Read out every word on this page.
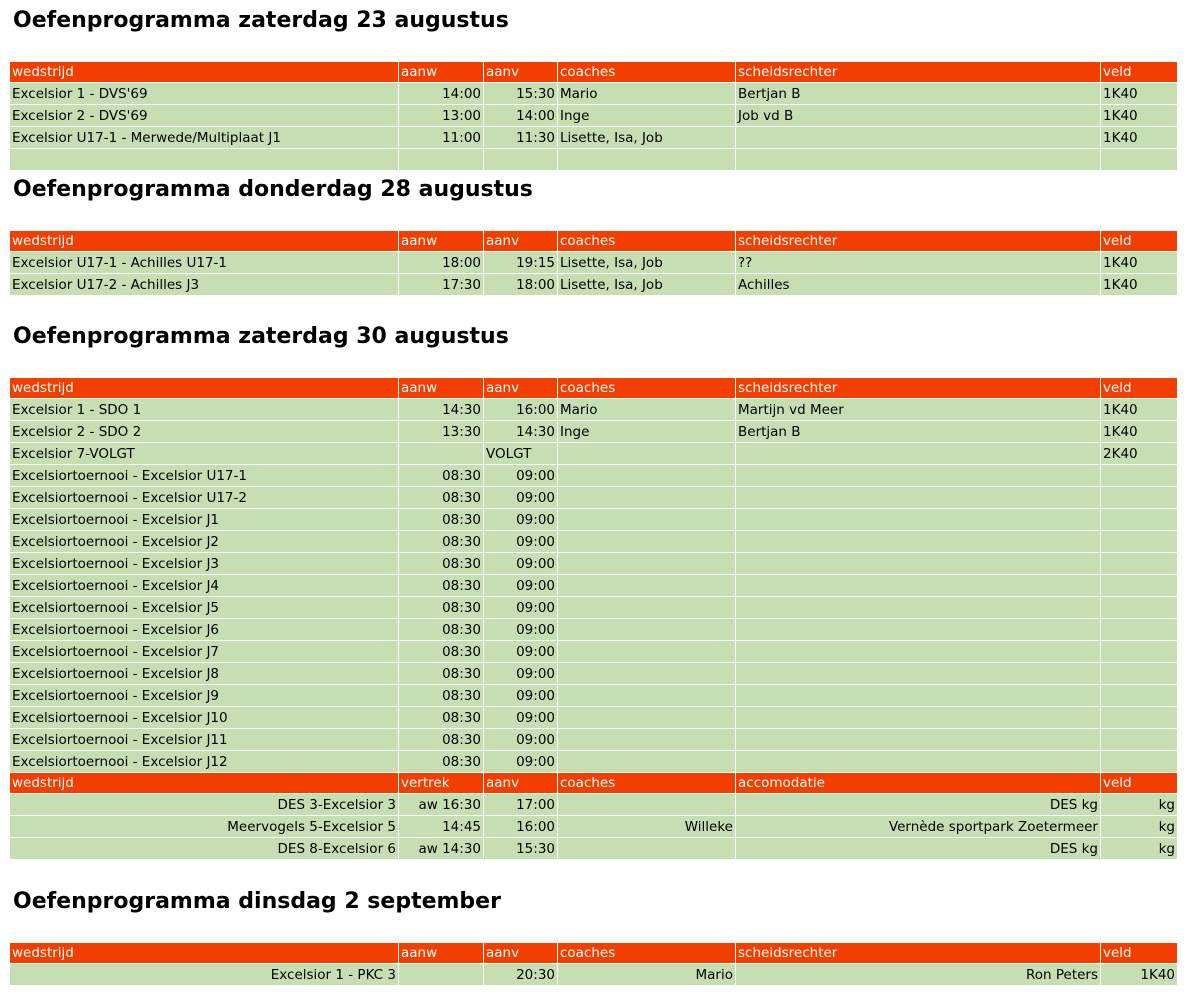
Oefenprogramma zaterdag 23 augustus
wedstrijd	aanw	aanv	coaches	scheidsrechter	veld
Excelsior 1 - DVS'69	14:00	15:30	Mario	Bertjan B	1K40
Excelsior 2 - DVS'69	13:00	14:00	Inge	Job vd B	1K40
Excelsior U17-1 - Merwede/Multiplaat J1	11:00	11:30	Lisette, Isa, Job		1K40

Oefenprogramma donderdag 28 augustus
wedstrijd	aanw	aanv	coaches	scheidsrechter	veld
Excelsior U17-1 - Achilles U17-1	18:00	19:15	Lisette, Isa, Job	??	1K40
Excelsior U17-2 - Achilles J3	17:30	18:00	Lisette, Isa, Job	Achilles	1K40
Oefenprogramma zaterdag 30 augustus
wedstrijd	aanw	aanv	coaches	scheidsrechter	veld
Excelsior 1 - SDO 1	14:30	16:00	Mario	Martijn vd Meer	1K40
Excelsior 2 - SDO 2	13:30	14:30	Inge	Bertjan B	1K40
Excelsior 7-VOLGT		VOLGT			2K40
Excelsiortoernooi - Excelsior U17-1	08:30	09:00			
Excelsiortoernooi - Excelsior U17-2	08:30	09:00			
Excelsiortoernooi - Excelsior J1	08:30	09:00			
Excelsiortoernooi - Excelsior J2	08:30	09:00			
Excelsiortoernooi - Excelsior J3	08:30	09:00			
Excelsiortoernooi - Excelsior J4	08:30	09:00			
Excelsiortoernooi - Excelsior J5	08:30	09:00			
Excelsiortoernooi - Excelsior J6	08:30	09:00			
Excelsiortoernooi - Excelsior J7	08:30	09:00			
Excelsiortoernooi - Excelsior J8	08:30	09:00			
Excelsiortoernooi - Excelsior J9	08:30	09:00			
Excelsiortoernooi - Excelsior J10	08:30	09:00			
Excelsiortoernooi - Excelsior J11	08:30	09:00			
Excelsiortoernooi - Excelsior J12	08:30	09:00			
wedstrijd	vertrek	aanv	coaches	accomodatie	veld
DES 3-Excelsior 3	aw 16:30	17:00		DES kg	kg
Meervogels 5-Excelsior 5	14:45	16:00	Willeke	Vernède sportpark Zoetermeer	kg
DES 8-Excelsior 6	aw 14:30	15:30		DES kg	kg
Oefenprogramma dinsdag 2 september
wedstrijd	aanw	aanv	coaches	scheidsrechter	veld
Excelsior 1 - PKC 3		20:30	Mario	Ron Peters	1K40
